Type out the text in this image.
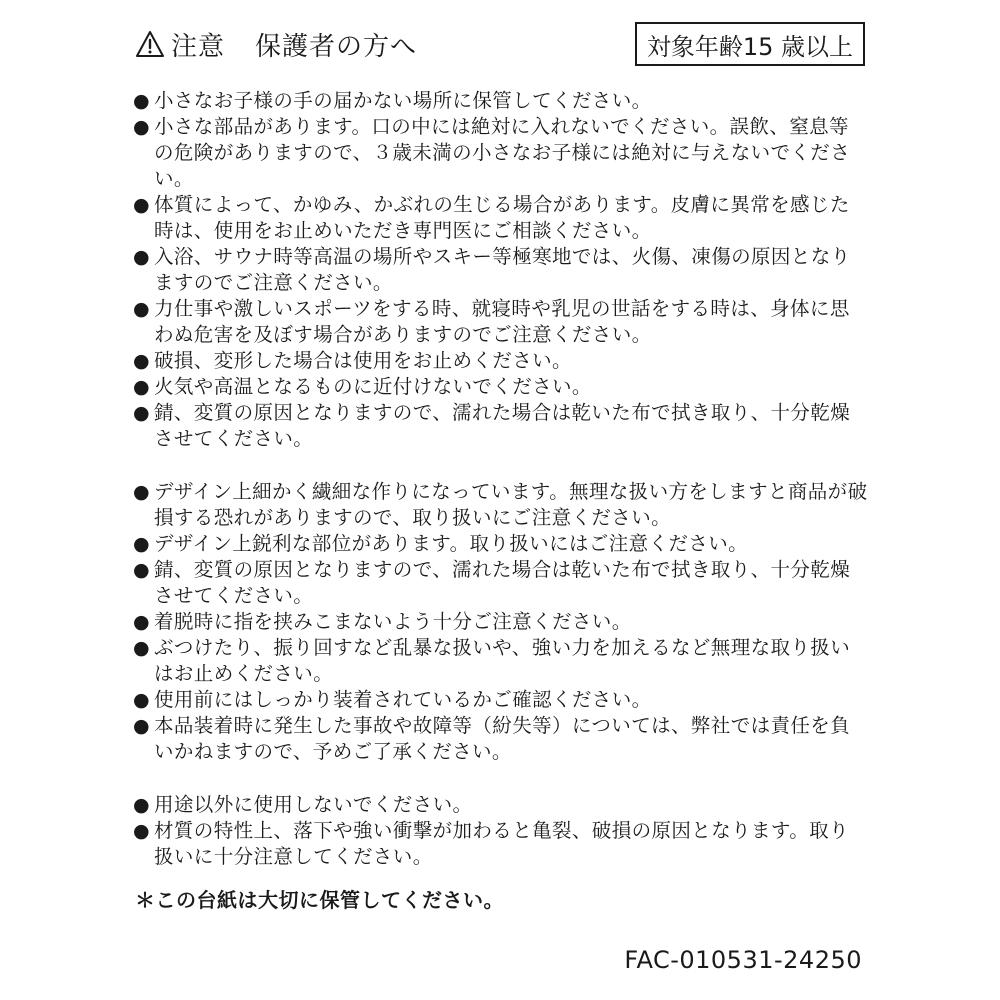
注意 保護者の方へ	対象年齢15 歳以上
● 小さなお子様の手の届かない場所に保管してください。
● 小さな部品があります。口の中には絶対に入れないでください。誤飲、窒息等の危険がありますので、３歳未満の小さなお子様には絶対に与えないでください。
● 体質によって、かゆみ、かぶれの生じる場合があります。皮膚に異常を感じた時は、使用をお止めいただき専門医にご相談ください。
● 入浴、サウナ時等高温の場所やスキー等極寒地では、火傷、凍傷の原因となりますのでご注意ください。
● 力仕事や激しいスポーツをする時、就寝時や乳児の世話をする時は、身体に思わぬ危害を及ぼす場合がありますのでご注意ください。
● 破損、変形した場合は使用をお止めください。
● 火気や高温となるものに近付けないでください。
● 錆、変質の原因となりますので、濡れた場合は乾いた布で拭き取り、十分乾燥させてください。
● デザイン上細かく繊細な作りになっています。無理な扱い方をしますと商品が破損する恐れがありますので、取り扱いにご注意ください。
● デザイン上鋭利な部位があります。取り扱いにはご注意ください。
● 錆、変質の原因となりますので、濡れた場合は乾いた布で拭き取り、十分乾燥させてください。
● 着脱時に指を挟みこまないよう十分ご注意ください。
● ぶつけたり、振り回すなど乱暴な扱いや、強い力を加えるなど無理な取り扱いはお止めください。
● 使用前にはしっかり装着されているかご確認ください。
● 本品装着時に発生した事故や故障等（紛失等）については、弊社では責任を負いかねますので、予めご了承ください。
● 用途以外に使用しないでください。
● 材質の特性上、落下や強い衝撃が加わると亀裂、破損の原因となります。取り扱いに十分注意してください。
＊この台紙は大切に保管してください。
FAC-010531-24250
